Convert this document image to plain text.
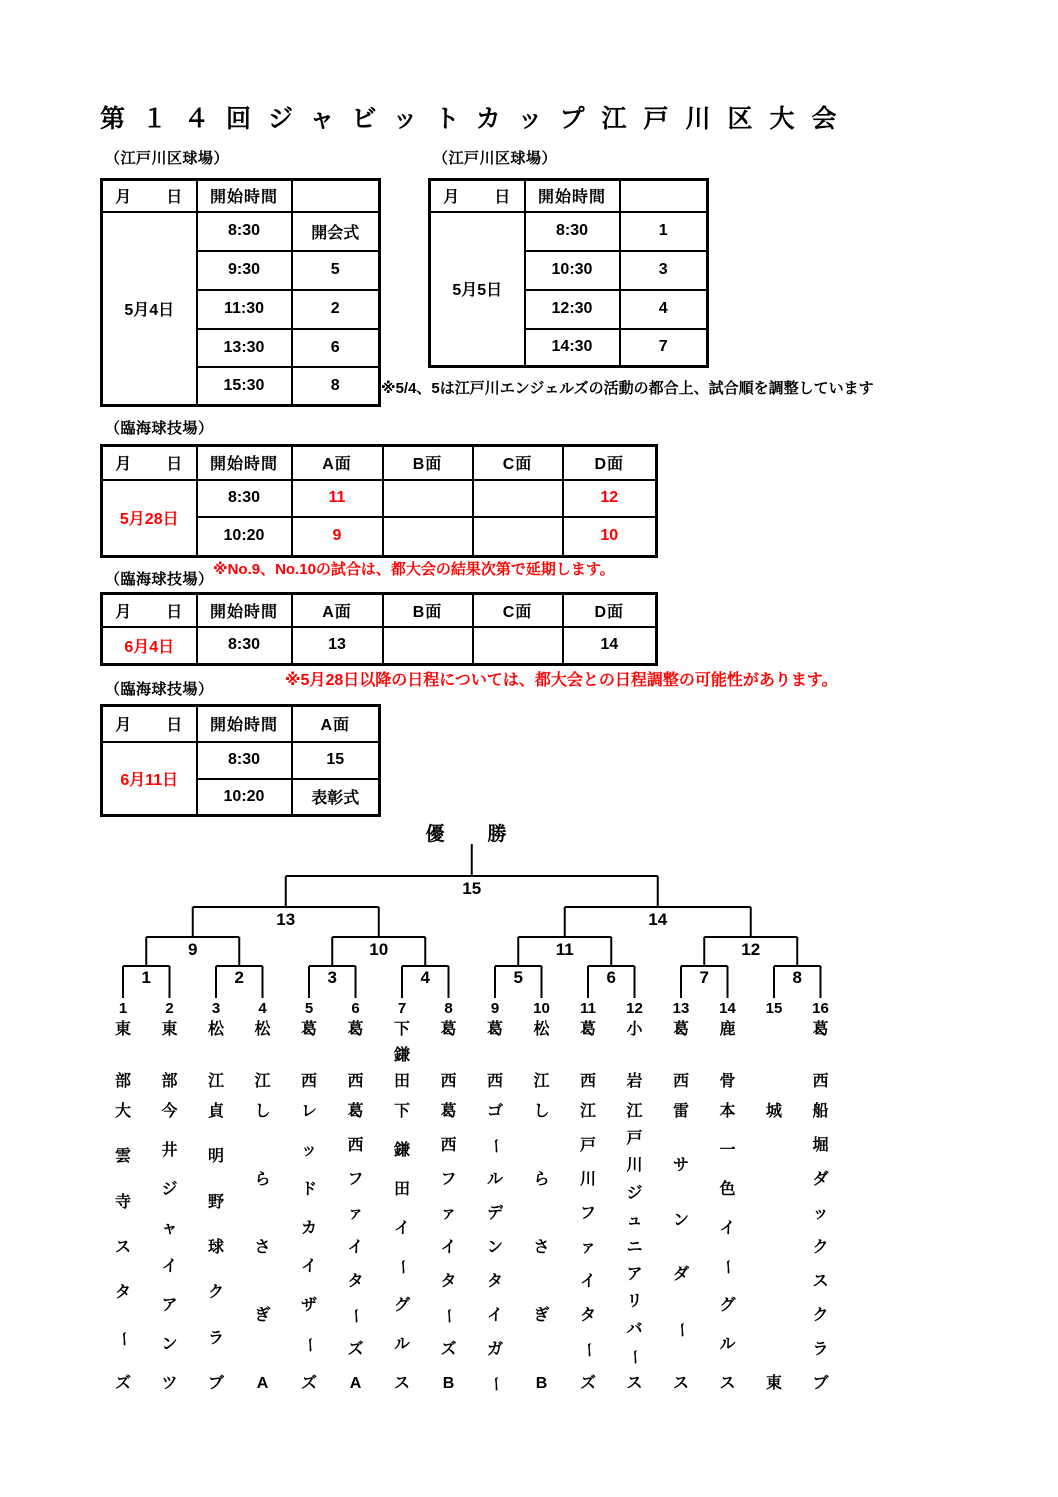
第１４回ジャビットカップ江戸川区大会
（江戸川区球場）	（江戸川区球場）
（臨海球技場）
（臨海球技場）
（臨海球技場）
※5/4、5は江戸川エンジェルズの活動の都合上、試合順を調整しています
※No.9、No.10の試合は、都大会の結果次第で延期します。
※5月28日以降の日程については、都大会との日程調整の可能性があります。
優　勝
月　　日	開始時間	
5月4日	8:30	開会式
	9:30	5
	11:30	2
	13:30	6
	15:30	8
月　　日	開始時間	
5月5日	8:30	1
	10:30	3
	12:30	4
	14:30	7
月　　日	開始時間	A面	B面	C面	D面
5月28日	8:30	11			12
	10:20	9			10
月　　日	開始時間	A面	B面	C面	D面
6月4日	8:30	13			14
月　　日	開始時間	A面
6月11日	8:30	15
	10:20	表彰式
15
13	14
9	10	11	12
1	2	3	4	5	6	7	8
1	2	3	4	5	6	7	8	9	10	11	12	13	14	15	16
東
部
大
雲
寺
ス
タ
ー
ズ
東
部
今
井
ジ
ャ
イ
ア
ン
ツ
松
江
貞
明
野
球
ク
ラ
ブ
松
江
し
ら
さ
ぎ
A
葛
西
レ
ッ
ド
カ
イ
ザ
ー
ズ
葛
西
葛
西
フ
ァ
イ
タ
ー
ズ
A
下
鎌
田
下
鎌
田
イ
ー
グ
ル
ス
葛
西
葛
西
フ
ァ
イ
タ
ー
ズ
B
葛
西
ゴ
ー
ル
デ
ン
タ
イ
ガ
ー
松
江
し
ら
さ
ぎ
B
葛
西
江
戸
川
フ
ァ
イ
タ
ー
ズ
小
岩
江
戸
川
ジ
ュ
ニ
ア
リ
バ
ー
ス
葛
西
雷
サ
ン
ダ
ー
ス
鹿
骨
本
一
色
イ
ー
グ
ル
ス
城
東
葛
西
船
堀
ダ
ッ
ク
ス
ク
ラ
ブ
